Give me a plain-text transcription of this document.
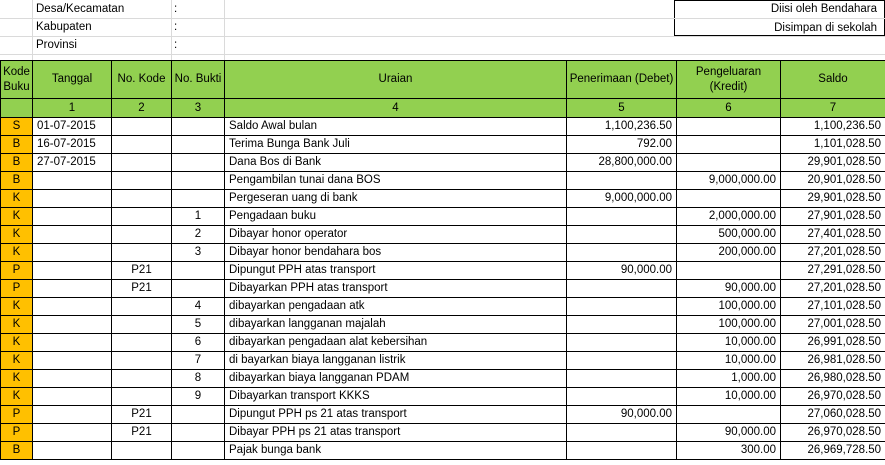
Desa/Kecamatan	:
Kabupaten	:
Provinsi	:
Diisi oleh Bendahara
Disimpan di sekolah
Kode Buku	Tanggal	No. Kode	No. Bukti	Uraian	Penerimaan (Debet)	Pengeluaran (Kredit)	Saldo
	1	2	3	4	5	6	7
S	01-07-2015			Saldo Awal bulan	1,100,236.50		1,100,236.50
B	16-07-2015			Terima Bunga Bank Juli	792.00		1,101,028.50
B	27-07-2015			Dana Bos di Bank	28,800,000.00		29,901,028.50
B				Pengambilan tunai dana BOS		9,000,000.00	20,901,028.50
K				Pergeseran uang di bank	9,000,000.00		29,901,028.50
K			1	Pengadaan buku		2,000,000.00	27,901,028.50
K			2	Dibayar honor operator		500,000.00	27,401,028.50
K			3	Dibayar honor bendahara bos		200,000.00	27,201,028.50
P		P21		Dipungut PPH atas transport	90,000.00		27,291,028.50
P		P21		Dibayarkan PPH atas transport		90,000.00	27,201,028.50
K			4	dibayarkan pengadaan atk		100,000.00	27,101,028.50
K			5	dibayarkan langganan majalah		100,000.00	27,001,028.50
K			6	dibayarkan pengadaan alat kebersihan		10,000.00	26,991,028.50
K			7	di bayarkan biaya langganan listrik		10,000.00	26,981,028.50
K			8	dibayarkan biaya langganan PDAM		1,000.00	26,980,028.50
K			9	Dibayarkan transport KKKS		10,000.00	26,970,028.50
P		P21		Dipungut PPH ps 21 atas transport	90,000.00		27,060,028.50
P		P21		Dibayar PPH ps 21 atas transport		90,000.00	26,970,028.50
B				Pajak bunga bank		300.00	26,969,728.50
